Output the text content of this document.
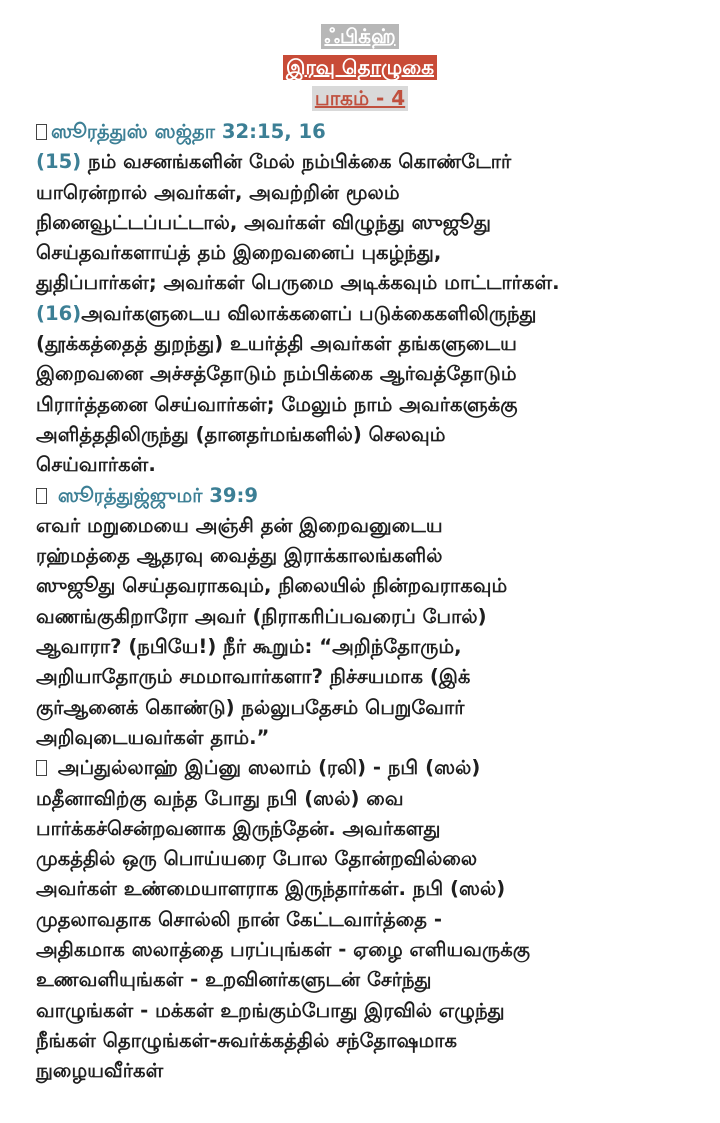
ஃபிக்ஹ்
இரவு தொழுகை
பாகம் - 4

ஸூரத்துஸ் ஸஜ்தா 32:15, 16

(15) நம் வசனங்களின் மேல் நம்பிக்கை கொண்டோர்

யாரென்றால் அவர்கள், அவற்றின் மூலம்

நினைவூட்டப்பட்டால், அவர்கள் விழுந்து ஸுஜூது

செய்தவர்களாய்த் தம் இறைவனைப் புகழ்ந்து,

துதிப்பார்கள்; அவர்கள் பெருமை அடிக்கவும் மாட்டார்கள்.

(16)அவர்களுடைய விலாக்களைப் படுக்கைகளிலிருந்து

(தூக்கத்தைத் துறந்து) உயர்த்தி அவர்கள் தங்களுடைய

இறைவனை அச்சத்தோடும் நம்பிக்கை ஆர்வத்தோடும்

பிரார்த்தனை செய்வார்கள்; மேலும் நாம் அவர்களுக்கு

அளித்ததிலிருந்து (தானதர்மங்களில்) செலவும்

செய்வார்கள்.

ஸூரத்துஜ்ஜுமர் 39:9

எவர் மறுமையை அஞ்சி தன் இறைவனுடைய

ரஹ்மத்தை ஆதரவு வைத்து இராக்காலங்களில்

ஸுஜூது செய்தவராகவும், நிலையில் நின்றவராகவும்

வணங்குகிறாரோ அவர் (நிராகரிப்பவரைப் போல்)

ஆவாரா? (நபியே!) நீர் கூறும்: “அறிந்தோரும்,

அறியாதோரும் சமமாவார்களா? நிச்சயமாக (இக்

குர்ஆனைக் கொண்டு) நல்லுபதேசம் பெறுவோர்

அறிவுடையவர்கள் தாம்.”

அப்துல்லாஹ் இப்னு ஸலாம் (ரலி) - நபி (ஸல்)

மதீனாவிற்கு வந்த போது நபி (ஸல்) வை

பார்க்கச்சென்றவனாக இருந்தேன். அவர்களது

முகத்தில் ஒரு பொய்யரை போல தோன்றவில்லை

அவர்கள் உண்மையாளராக இருந்தார்கள். நபி (ஸல்)

முதலாவதாக சொல்லி நான் கேட்டவார்த்தை -

அதிகமாக ஸலாத்தை பரப்புங்கள் - ஏழை எளியவருக்கு

உணவளியுங்கள் - உறவினர்களுடன் சேர்ந்து

வாழுங்கள் - மக்கள் உறங்கும்போது இரவில் எழுந்து

நீங்கள் தொழுங்கள்-சுவர்க்கத்தில் சந்தோஷமாக

நுழையவீர்கள்
